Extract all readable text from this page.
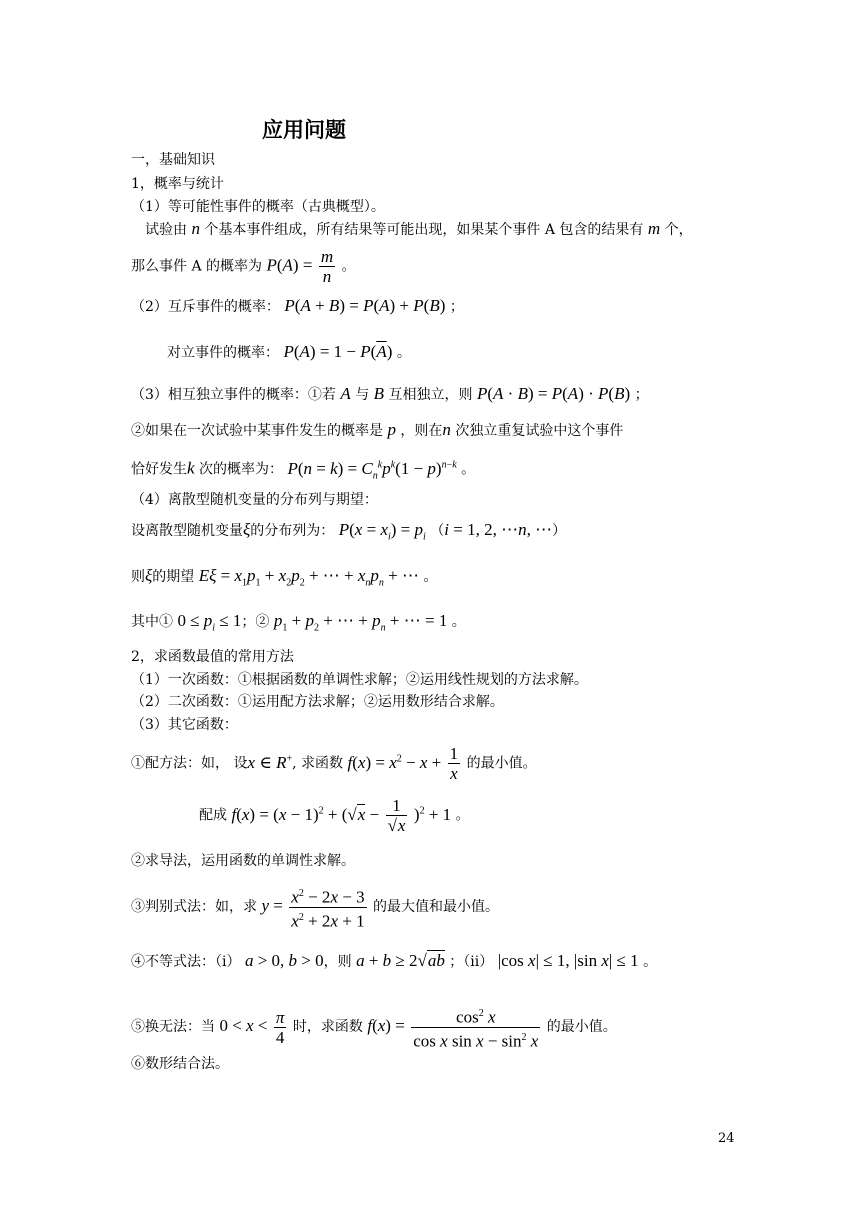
应用问题
一，基础知识
1，概率与统计
（1）等可能性事件的概率（古典概型）。
试验由 n 个基本事件组成，所有结果等可能出现，如果某个事件 A 包含的结果有 m 个，
那么事件 A 的概率为 $P(A) = \frac{m}{n}$ 。
（2）互斥事件的概率： P(A + B) = P(A) + P(B) ；
对立事件的概率： $P(A) = 1 - P(\overline{A})$ 。
（3）相互独立事件的概率：①若 A 与 B 互相独立，则 P(A · B) = P(A) · P(B) ；
②如果在一次试验中某事件发生的概率是 p ，则在n 次独立重复试验中这个事件
恰好发生k 次的概率为： $P(n = k) = C_n^kp^k(1 - p)^{n-k}$ 。
（4）离散型随机变量的分布列与期望：
设离散型随机变量ξ的分布列为： $P(x = x_i) = p_i$ （i = 1, 2, ⋯n, ⋯）
则ξ的期望 $E\xi = x_1p_1 + x_2p_2$ + ⋯ + $x_np_n$ + ⋯ 。
其中① $0 \le p_i \le 1$；② $p_1 + p_2$ + ⋯ + $p_n$ + ⋯ = 1 。
2，求函数最值的常用方法
（1）一次函数：①根据函数的单调性求解；②运用线性规划的方法求解。
（2）二次函数：①运用配方法求解；②运用数形结合求解。
（3）其它函数：
①配方法：如， 设x ∈ R+, 求函数 $f(x) = x^2 - x + \frac{1}{x}$ 的最小值。
配成 $f(x) = (x - 1)^2 + (√x - \frac{1}{√x} )^2 + 1$ 。
②求导法，运用函数的单调性求解。
③判别式法：如，求 $y = \frac{x^2 - 2x - 3}{x^2 + 2x + 1}$ 的最大值和最小值。
④不等式法：（i） a > 0, b > 0，则 a + b ≥ 2√ab ；（ii） |cos x| ≤ 1, |sin x| ≤ 1 。
⑤换无法：当 $0 < x < \frac{\pi}{4}$ 时，求函数 $f(x) = \frac{\cos^2 x}{\cos x \sin x - \sin^2 x}$ 的最小值。
⑥数形结合法。
24
